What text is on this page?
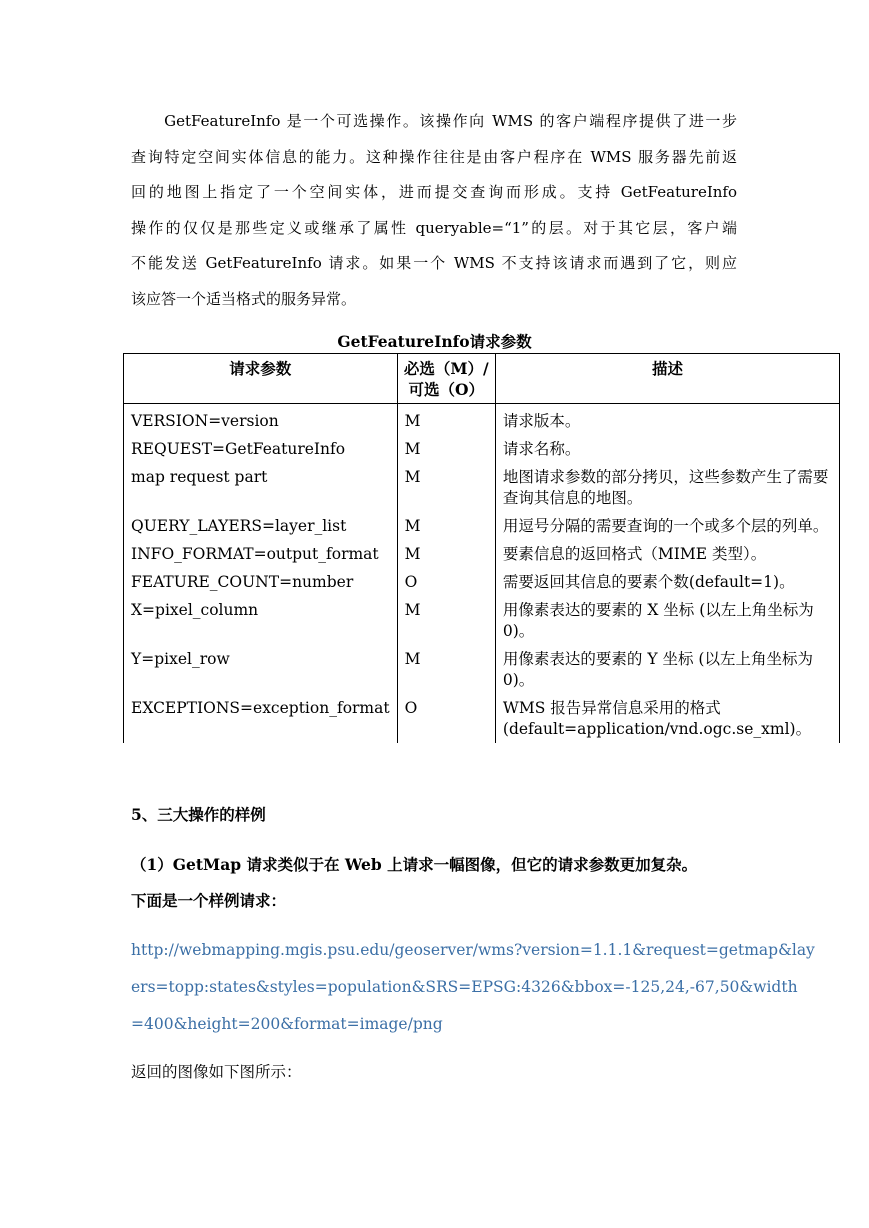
　　GetFeatureInfo 是一个可选操作。该操作向 WMS 的客户端程序提供了进一步
查询特定空间实体信息的能力。这种操作往往是由客户程序在 WMS 服务器先前返
回的地图上指定了一个空间实体，进而提交查询而形成。支持 GetFeatureInfo
操作的仅仅是那些定义或继承了属性 queryable=“1”的层。对于其它层，客户端
不能发送 GetFeatureInfo 请求。如果一个 WMS 不支持该请求而遇到了它，则应
该应答一个适当格式的服务异常。
GetFeatureInfo请求参数
请求参数	必选（M）/可选（O）	描述
VERSION=version	M	请求版本。
REQUEST=GetFeatureInfo	M	请求名称。
map request part	M	地图请求参数的部分拷贝，这些参数产生了需要查询其信息的地图。
QUERY_LAYERS=layer_list	M	用逗号分隔的需要查询的一个或多个层的列单。
INFO_FORMAT=output_format	M	要素信息的返回格式（MIME 类型）。
FEATURE_COUNT=number	O	需要返回其信息的要素个数(default=1)。
X=pixel_column	M	用像素表达的要素的 X 坐标 (以左上角坐标为 0)。
Y=pixel_row	M	用像素表达的要素的 Y 坐标 (以左上角坐标为 0)。
EXCEPTIONS=exception_format	O	WMS 报告异常信息采用的格式(default=application/vnd.ogc.se_xml)。

5、三大操作的样例

（1）GetMap 请求类似于在 Web 上请求一幅图像，但它的请求参数更加复杂。

下面是一个样例请求：

http://webmapping.mgis.psu.edu/geoserver/wms?version=1.1.1&request=getmap&lay
ers=topp:states&styles=population&SRS=EPSG:4326&bbox=-125,24,-67,50&width
=400&height=200&format=image/png

返回的图像如下图所示：
